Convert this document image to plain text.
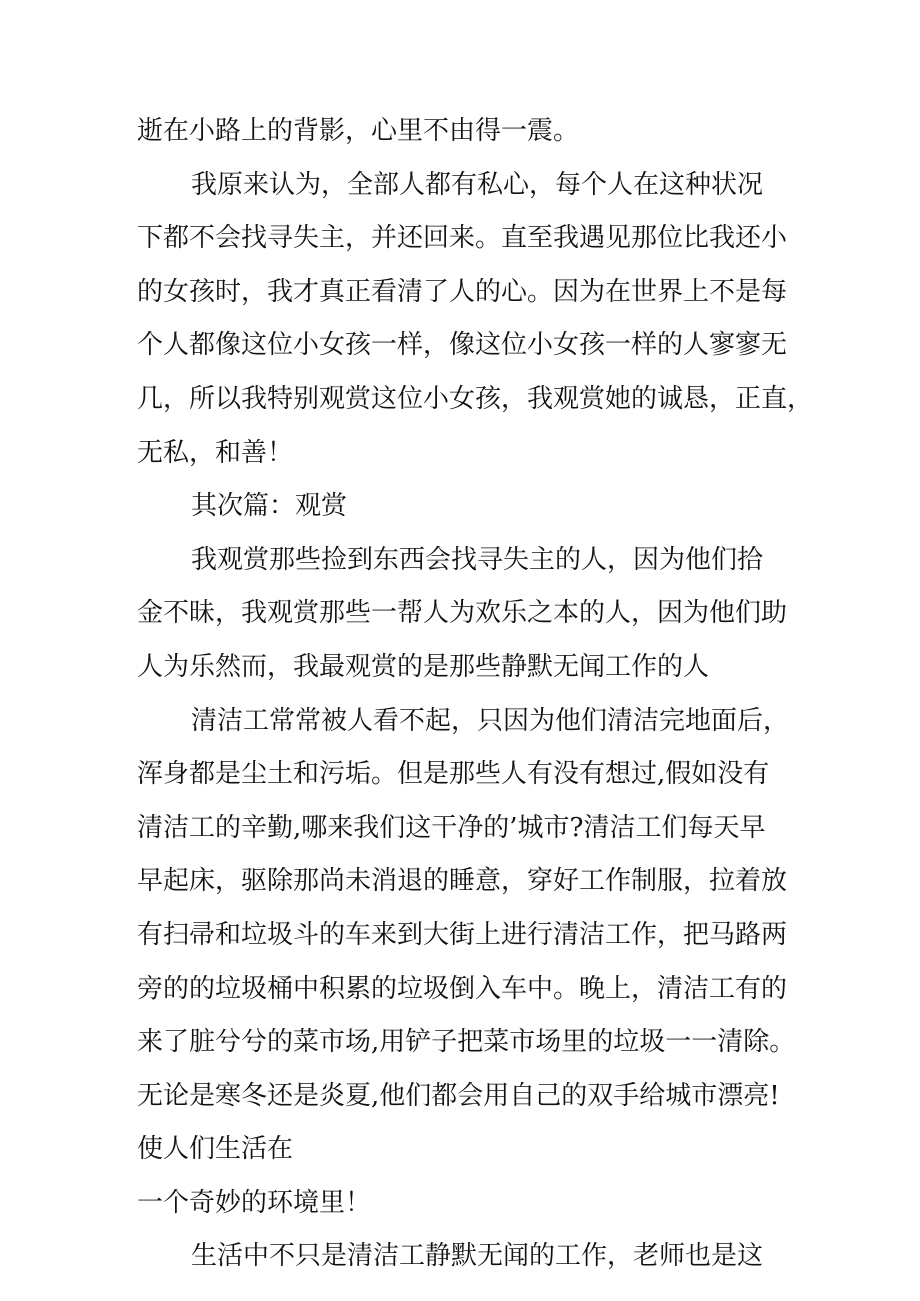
逝在小路上的背影，心里不由得一震。
我原来认为，全部人都有私心，每个人在这种状况
下都不会找寻失主，并还回来。直至我遇见那位比我还小
的女孩时，我才真正看清了人的心。因为在世界上不是每
个人都像这位小女孩一样，像这位小女孩一样的人寥寥无
几，所以我特别观赏这位小女孩，我观赏她的诚恳，正直，
无私，和善！
其次篇：观赏
我观赏那些捡到东西会找寻失主的人，因为他们拾
金不昧，我观赏那些一帮人为欢乐之本的人，因为他们助
人为乐然而，我最观赏的是那些静默无闻工作的人
清洁工常常被人看不起，只因为他们清洁完地面后，
浑身都是尘土和污垢。但是那些人有没有想过,假如没有
清洁工的辛勤,哪来我们这干净的’城市?清洁工们每天早
早起床，驱除那尚未消退的睡意，穿好工作制服，拉着放
有扫帚和垃圾斗的车来到大街上进行清洁工作，把马路两
旁的的垃圾桶中积累的垃圾倒入车中。晚上，清洁工有的
来了脏兮兮的菜市场,用铲子把菜市场里的垃圾一一清除。
无论是寒冬还是炎夏,他们都会用自己的双手给城市漂亮!
使人们生活在
一个奇妙的环境里！
生活中不只是清洁工静默无闻的工作，老师也是这
